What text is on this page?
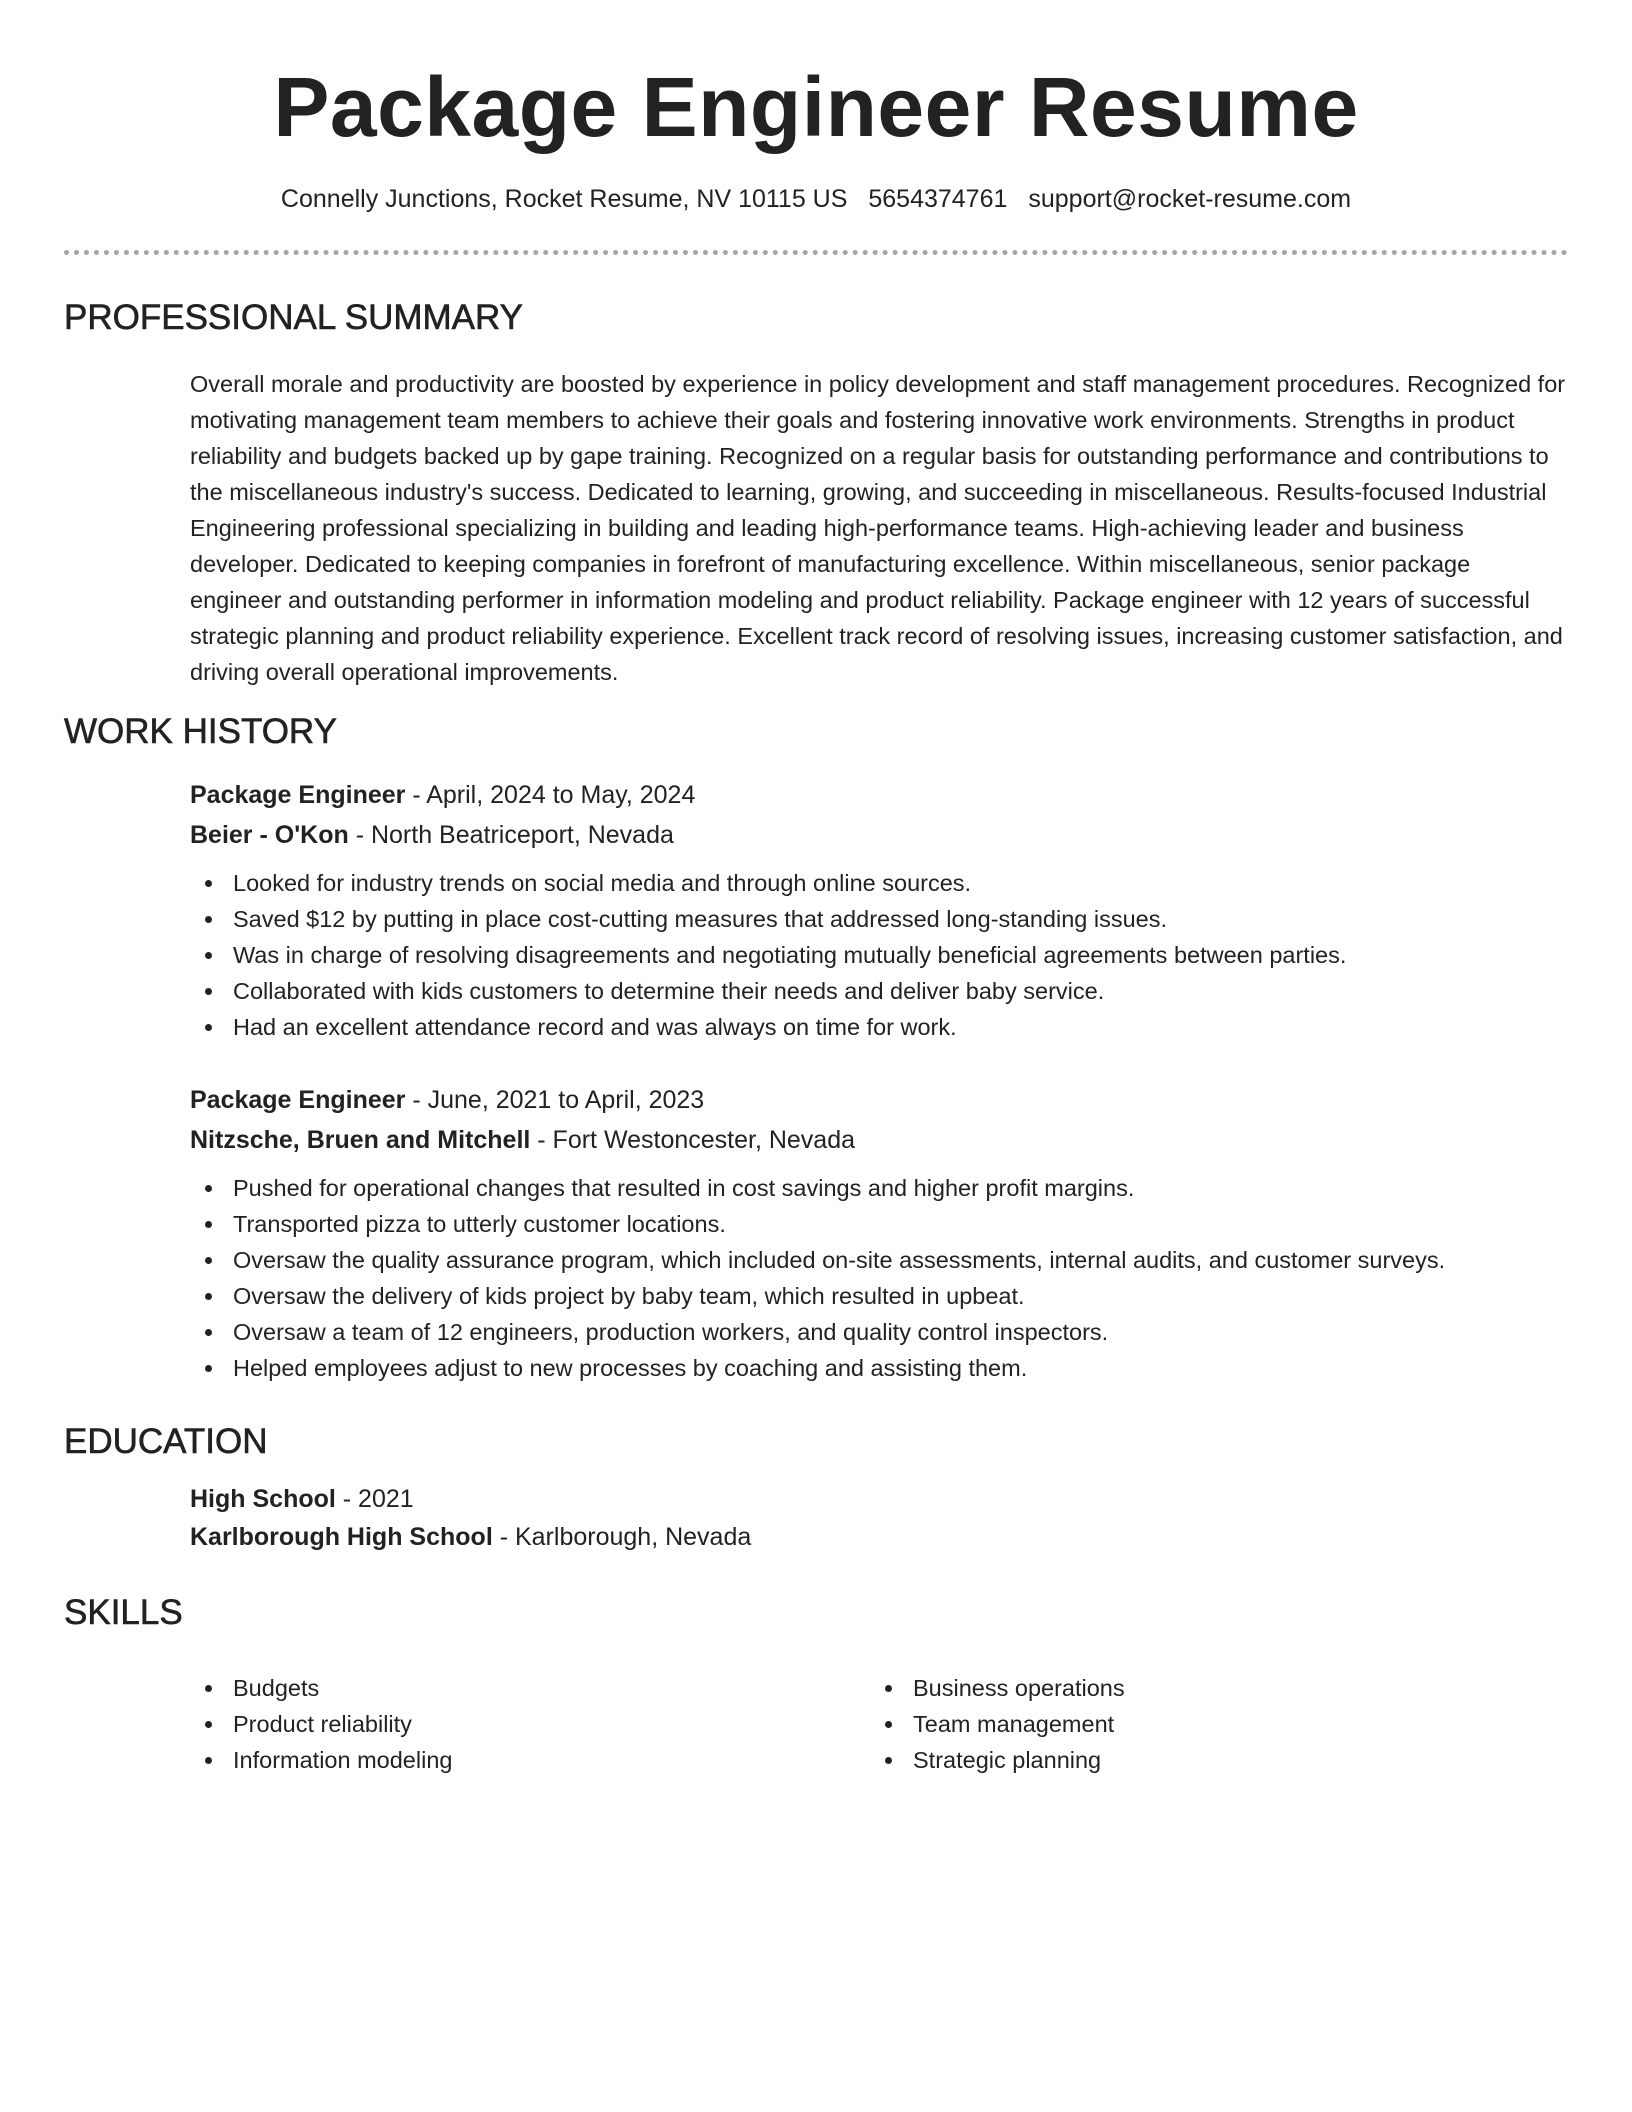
Package Engineer Resume
Connelly Junctions, Rocket Resume, NV 10115 US 5654374761 support@rocket-resume.com
PROFESSIONAL SUMMARY

Overall morale and productivity are boosted by experience in policy development and staff management procedures. Recognized for motivating management team members to achieve their goals and fostering innovative work environments. Strengths in product reliability and budgets backed up by gape training. Recognized on a regular basis for outstanding performance and contributions to the miscellaneous industry's success. Dedicated to learning, growing, and succeeding in miscellaneous. Results-focused Industrial Engineering professional specializing in building and leading high-performance teams. High-achieving leader and business developer. Dedicated to keeping companies in forefront of manufacturing excellence. Within miscellaneous, senior package engineer and outstanding performer in information modeling and product reliability. Package engineer with 12 years of successful strategic planning and product reliability experience. Excellent track record of resolving issues, increasing customer satisfaction, and driving overall operational improvements.

WORK HISTORY

Package Engineer - April, 2024 to May, 2024

Beier - O'Kon - North Beatriceport, Nevada

Looked for industry trends on social media and through online sources.
Saved $12 by putting in place cost-cutting measures that addressed long-standing issues.
Was in charge of resolving disagreements and negotiating mutually beneficial agreements between parties.
Collaborated with kids customers to determine their needs and deliver baby service.
Had an excellent attendance record and was always on time for work.

Package Engineer - June, 2021 to April, 2023

Nitzsche, Bruen and Mitchell - Fort Westoncester, Nevada

Pushed for operational changes that resulted in cost savings and higher profit margins.
Transported pizza to utterly customer locations.
Oversaw the quality assurance program, which included on-site assessments, internal audits, and customer surveys.
Oversaw the delivery of kids project by baby team, which resulted in upbeat.
Oversaw a team of 12 engineers, production workers, and quality control inspectors.
Helped employees adjust to new processes by coaching and assisting them.
EDUCATION

High School - 2021

Karlborough High School - Karlborough, Nevada

SKILLS
Budgets
Product reliability
Information modeling
Business operations
Team management
Strategic planning
